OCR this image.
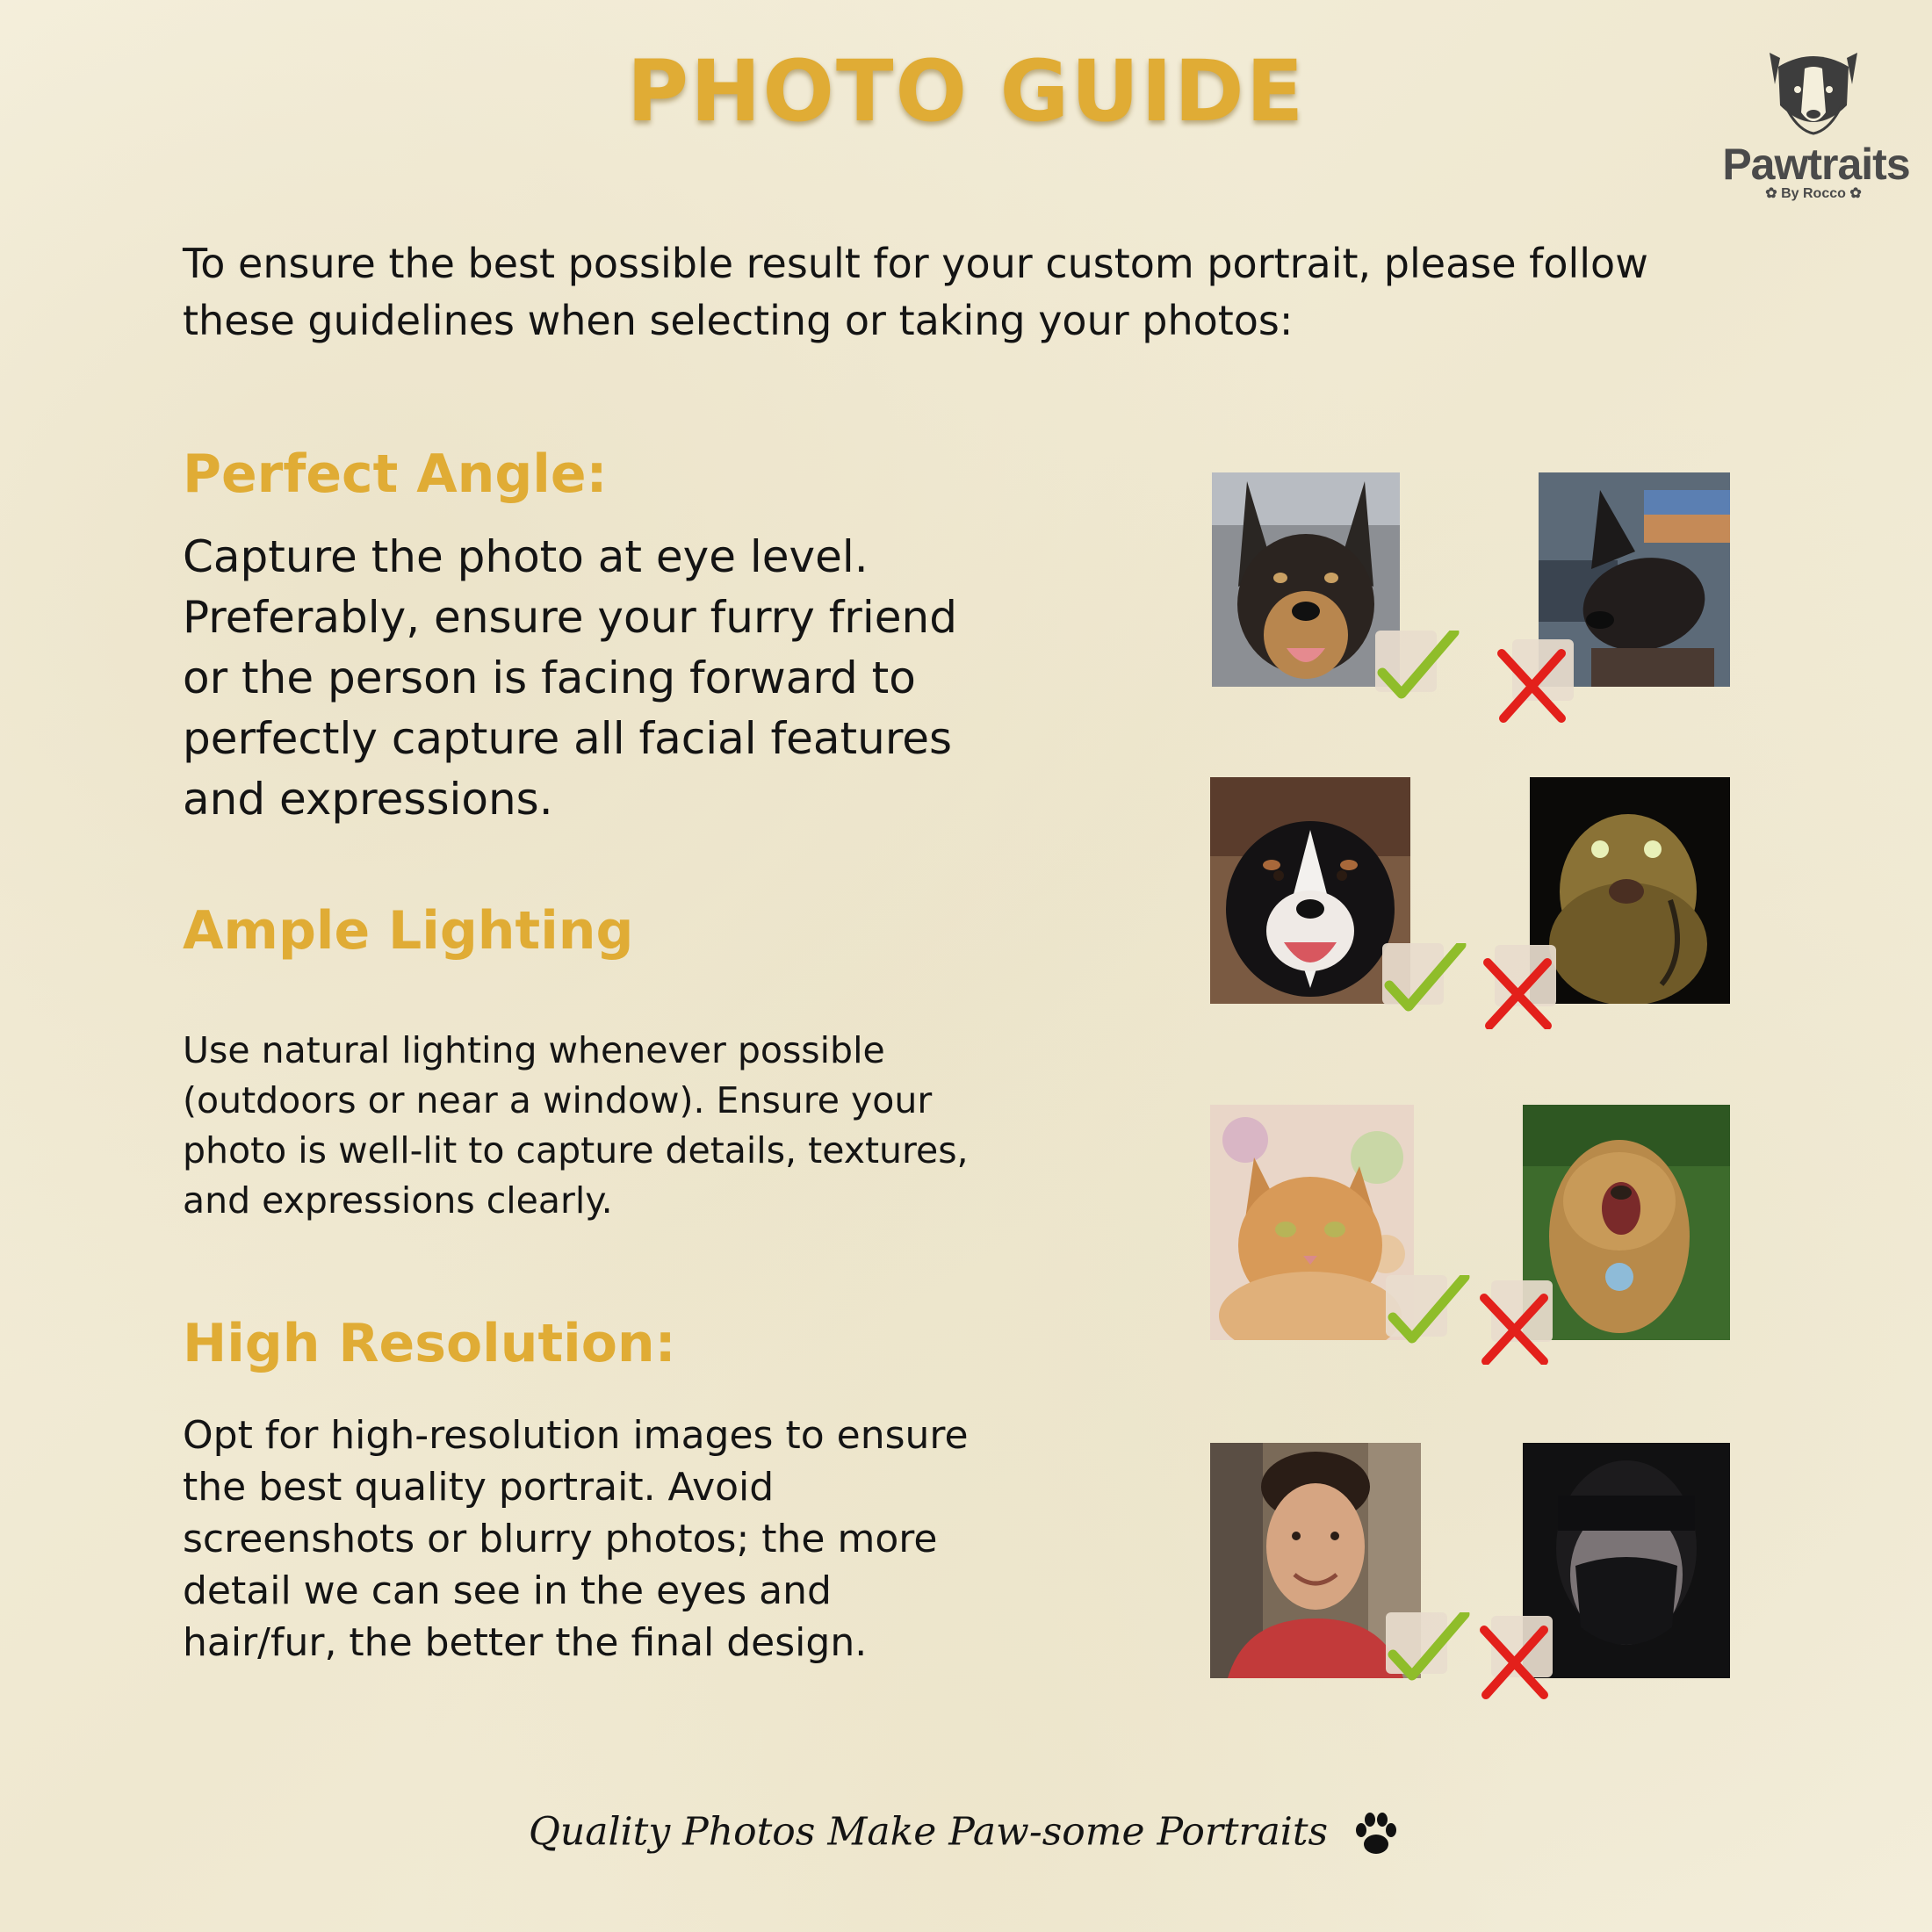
PHOTO GUIDE
Pawtraits
✿ By Rocco ✿
To ensure the best possible result for your custom portrait, please follow these guidelines when selecting or taking your photos:
Perfect Angle:
Capture the photo at eye level. Preferably, ensure your furry friend or the person is facing forward to perfectly capture all facial features and expressions.
Ample Lighting
Use natural lighting whenever possible (outdoors or near a window). Ensure your photo is well-lit to capture details, textures, and expressions clearly.
High Resolution:
Opt for high-resolution images to ensure the best quality portrait. Avoid screenshots or blurry photos; the more detail we can see in the eyes and hair/fur, the better the final design.
Quality Photos Make Paw-some Portraits
